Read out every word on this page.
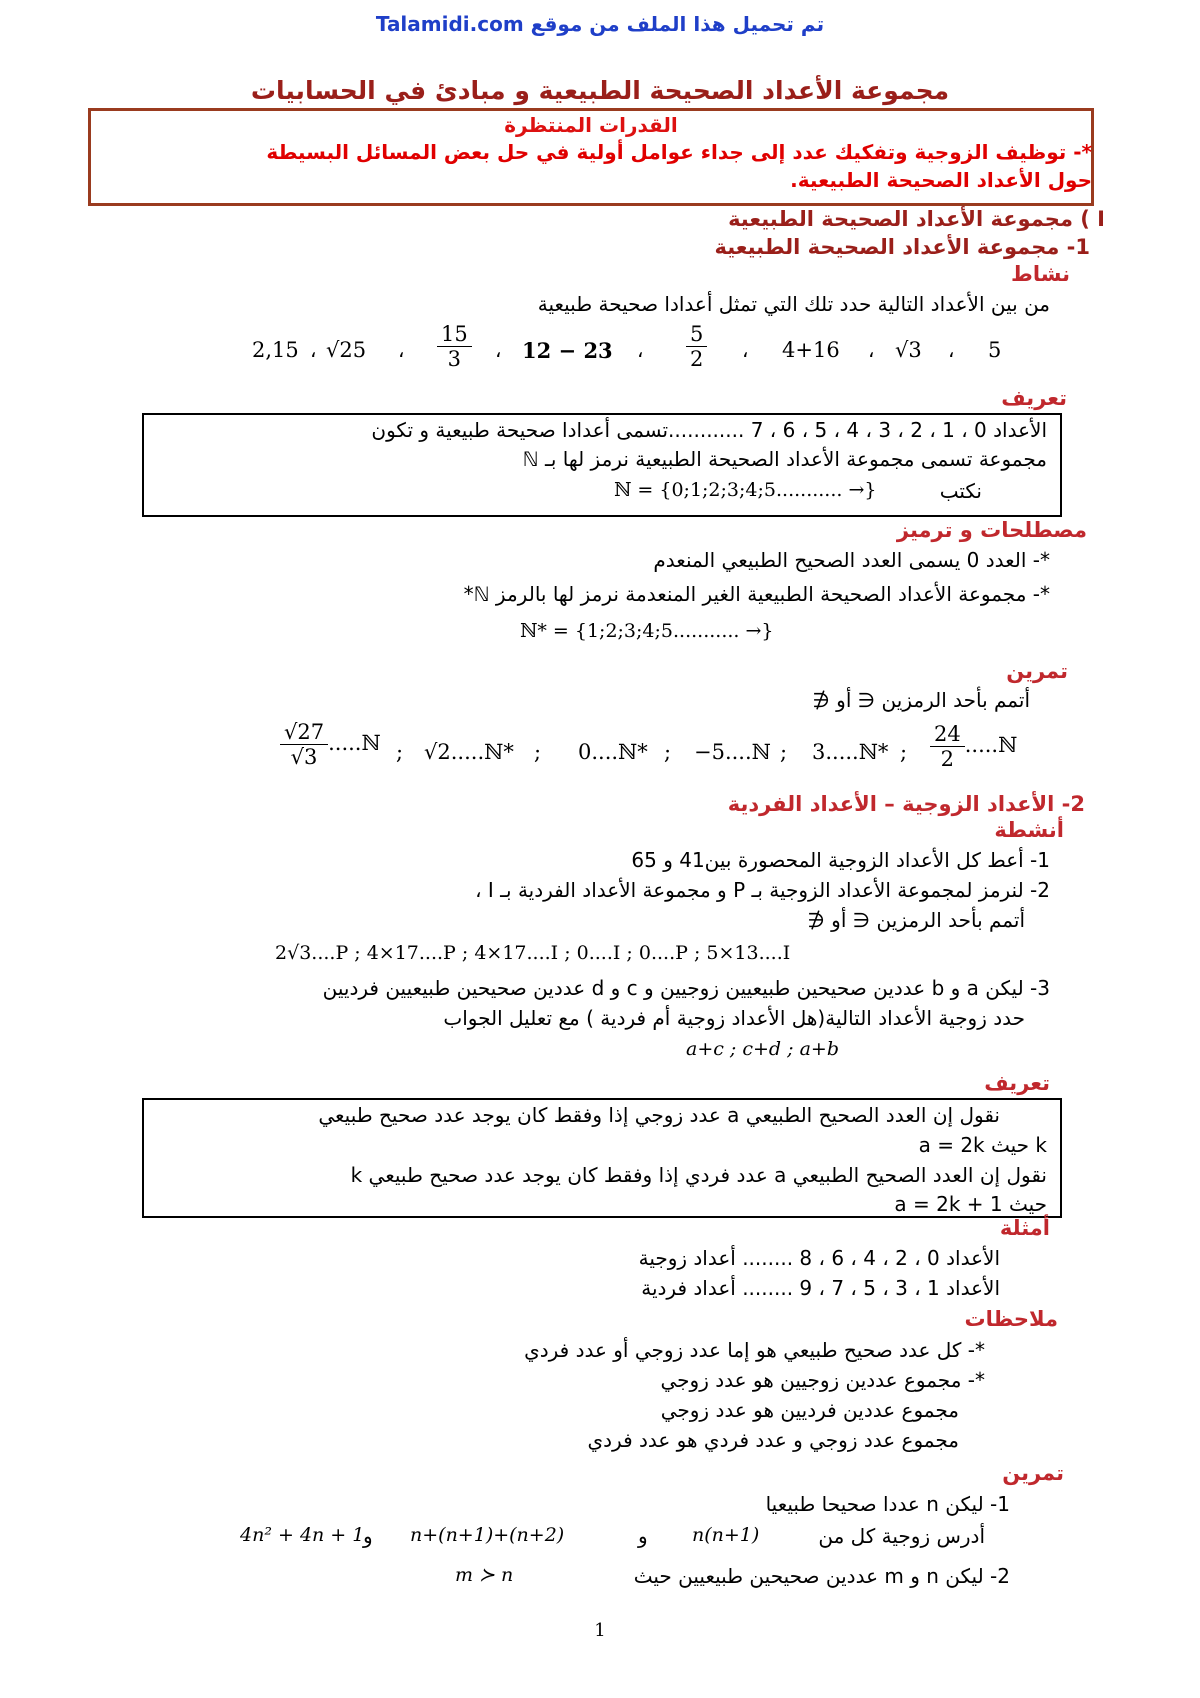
تم تحميل هذا الملف من موقع Talamidi.com
مجموعة الأعداد الصحيحة الطبيعية و مبادئ في الحسابيات
القدرات المنتظرة
*- توظيف الزوجية وتفكيك عدد إلى جداء عوامل أولية في حل بعض المسائل البسيطة
حول الأعداد الصحيحة الطبيعية.
I ) مجموعة الأعداد الصحيحة الطبيعية
1- مجموعة الأعداد الصحيحة الطبيعية
نشاط
من بين الأعداد التالية حدد تلك التي تمثل أعدادا صحيحة طبيعية
5
،
√3
،
4+16
،
$\frac{5}{2}$
،
12 − 23
،
$\frac{15}{3}$
،
√25
،
2,15
تعريف
الأعداد 0 ، 1 ، 2 ، 3 ، 4 ، 5 ، 6 ، 7 ............تسمى أعدادا صحيحة طبيعية و تكون
مجموعة تسمى مجموعة الأعداد الصحيحة الطبيعية نرمز لها بـ ℕ
نكتب
ℕ = {0;1;2;3;4;5........... →}
مصطلحات و ترميز
*- العدد 0 يسمى العدد الصحيح الطبيعي المنعدم
*- مجموعة الأعداد الصحيحة الطبيعية الغير المنعدمة نرمز لها بالرمز ℕ*
ℕ* = {1;2;3;4;5........... →}
تمرين
أتمم بأحد الرمزين ∈ أو ∉
$\frac{24}{2}$ .....ℕ
;
3.....ℕ*
;
−5....ℕ
;
0....ℕ*
;
√2.....ℕ*
;
$\frac{√27}{√3}$ .....ℕ
2- الأعداد الزوجية – الأعداد الفردية
أنشطة
1- أعط كل الأعداد الزوجية المحصورة بين41 و 65
2- لنرمز لمجموعة الأعداد الزوجية بـ P و مجموعة الأعداد الفردية بـ I ،
أتمم بأحد الرمزين ∈ أو ∉
2√3....P ; 4×17....P ; 4×17....I ; 0....I ; 0....P ; 5×13....I
3- ليكن a و b عددين صحيحين طبيعيين زوجيين و c و d عددين صحيحين طبيعيين فرديين
حدد زوجية الأعداد التالية(هل الأعداد زوجية أم فردية ) مع تعليل الجواب
a+c ; c+d ; a+b
تعريف
نقول إن العدد الصحيح الطبيعي a عدد زوجي إذا وفقط كان يوجد عدد صحيح طبيعي
k حيث a = 2k
نقول إن العدد الصحيح الطبيعي a عدد فردي إذا وفقط كان يوجد عدد صحيح طبيعي k
حيث a = 2k + 1
أمثلة
الأعداد 0 ، 2 ، 4 ، 6 ، 8 ........ أعداد زوجية
الأعداد 1 ، 3 ، 5 ، 7 ، 9 ........ أعداد فردية
ملاحظات
*- كل عدد صحيح طبيعي هو إما عدد زوجي أو عدد فردي
*- مجموع عددين زوجيين هو عدد زوجي
مجموع عددين فرديين هو عدد زوجي
مجموع عدد زوجي و عدد فردي هو عدد فردي
تمرين
1- ليكن n عددا صحيحا طبيعيا
أدرس زوجية كل من
n(n+1)
و
n+(n+1)+(n+2)
و
4n² + 4n + 1
2- ليكن n و m عددين صحيحين طبيعيين حيث
m ≻ n
1
